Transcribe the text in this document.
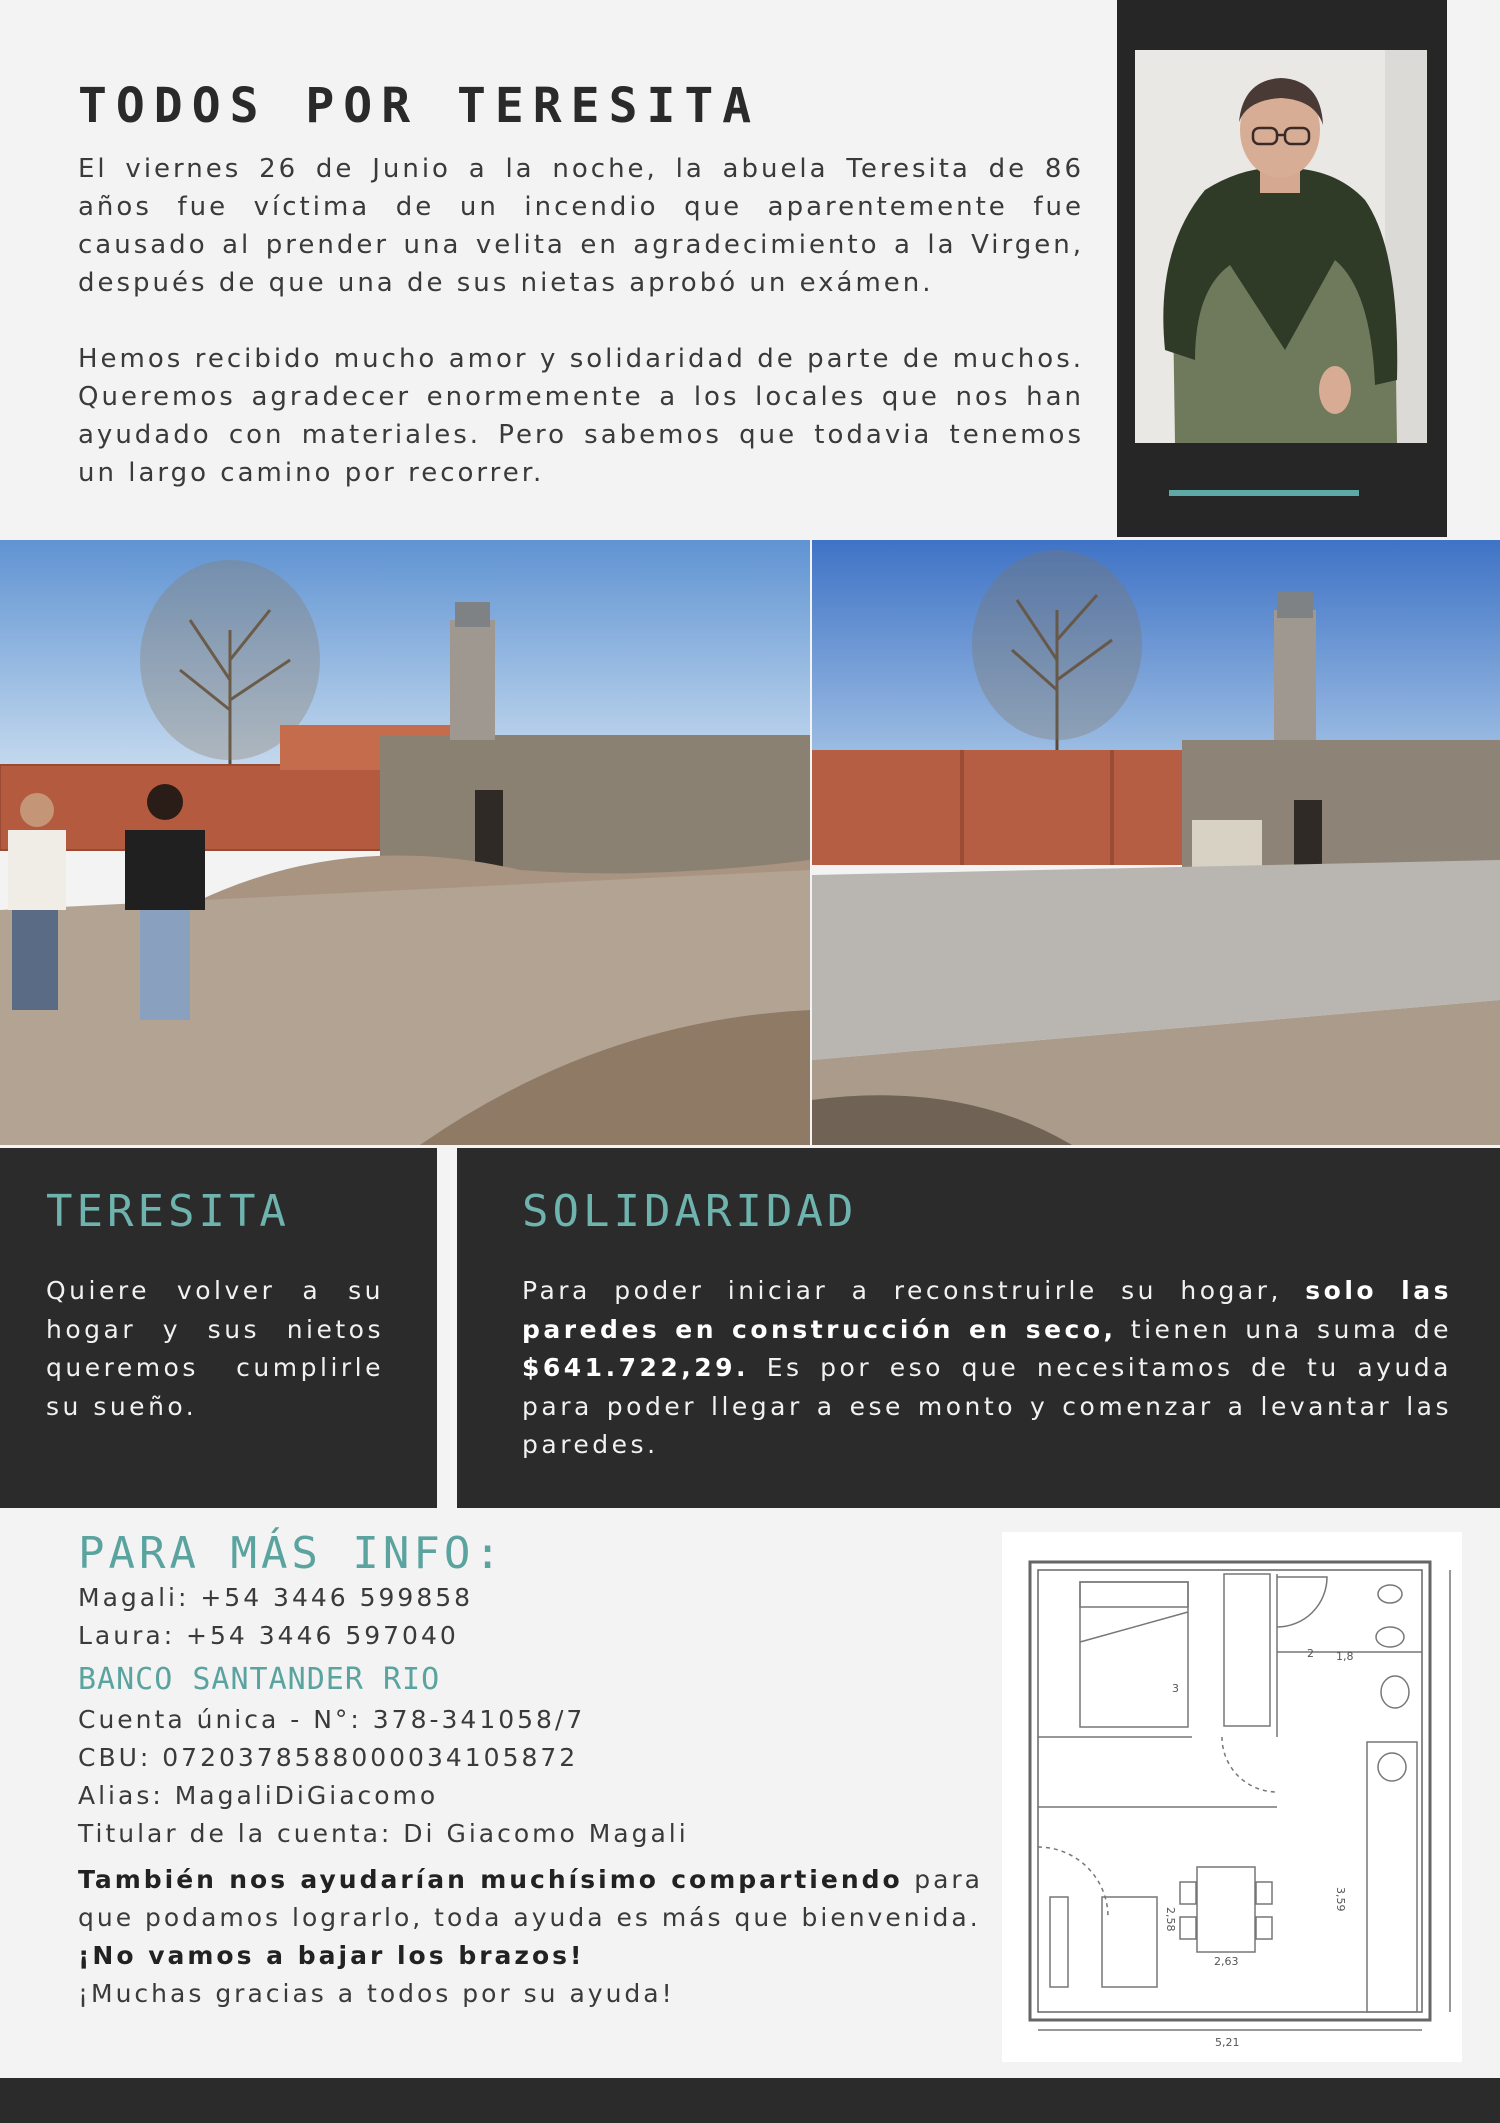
TODOS POR TERESITA

El viernes 26 de Junio a la noche, la abuela Teresita de 86 años fue víctima de un incendio que aparentemente fue causado al prender una velita en agradecimiento a la Virgen, después de que una de sus nietas aprobó un exámen.

Hemos recibido mucho amor y solidaridad de parte de muchos. Queremos agradecer enormemente a los locales que nos han ayudado con materiales. Pero sabemos que todavia tenemos un largo camino por recorrer.

TERESITA
Quiere volver a su hogar y sus nietos queremos cumplirle su sueño.
SOLIDARIDAD
Para poder iniciar a reconstruirle su hogar, solo las paredes en construcción en seco, tienen una suma de $641.722,29. Es por eso que necesitamos de tu ayuda para poder llegar a ese monto y comenzar a levantar las paredes.
PARA MÁS INFO:
Magali: +54 3446 599858
Laura: +54 3446 597040
BANCO SANTANDER RIO
Cuenta única - N°: 378-341058/7
CBU: 0720378588000034105872
Alias: MagaliDiGiacomo
Titular de la cuenta: Di Giacomo Magali
También nos ayudarían muchísimo compartiendo para que podamos lograrlo, toda ayuda es más que bienvenida.
¡No vamos a bajar los brazos!
¡Muchas gracias a todos por su ayuda!
1,8
2
3
3,59
2,58
2,63
5,21
